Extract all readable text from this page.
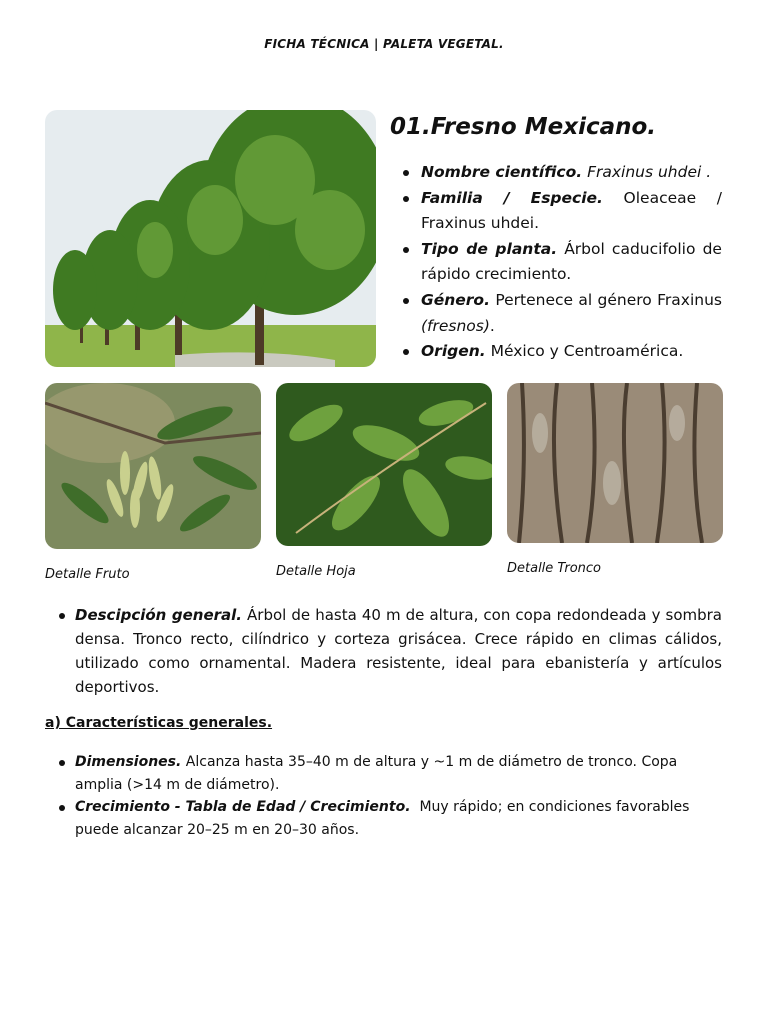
FICHA TÉCNICA | PALETA VEGETAL.
01.Fresno Mexicano.
Nombre científico. Fraxinus uhdei .
Familia / Especie. Oleaceae / Fraxinus uhdei.
Tipo de planta. Árbol caducifolio de rápido crecimiento.
Género. Pertenece al género Fraxinus (fresnos).
Origen. México y Centroamérica.
Detalle Fruto	Detalle Hoja	Detalle Tronco
Descipción general. Árbol de hasta 40 m de altura, con copa redondeada y sombra densa. Tronco recto, cilíndrico y corteza grisácea. Crece rápido en climas cálidos, utilizado como ornamental. Madera resistente, ideal para ebanistería y artículos deportivos.
a) Características generales.
Dimensiones. Alcanza hasta 35–40 m de altura y ~1 m de diámetro de tronco. Copa amplia (>14 m de diámetro).
Crecimiento - Tabla de Edad / Crecimiento. Muy rápido; en condiciones favorables puede alcanzar 20–25 m en 20–30 años.
